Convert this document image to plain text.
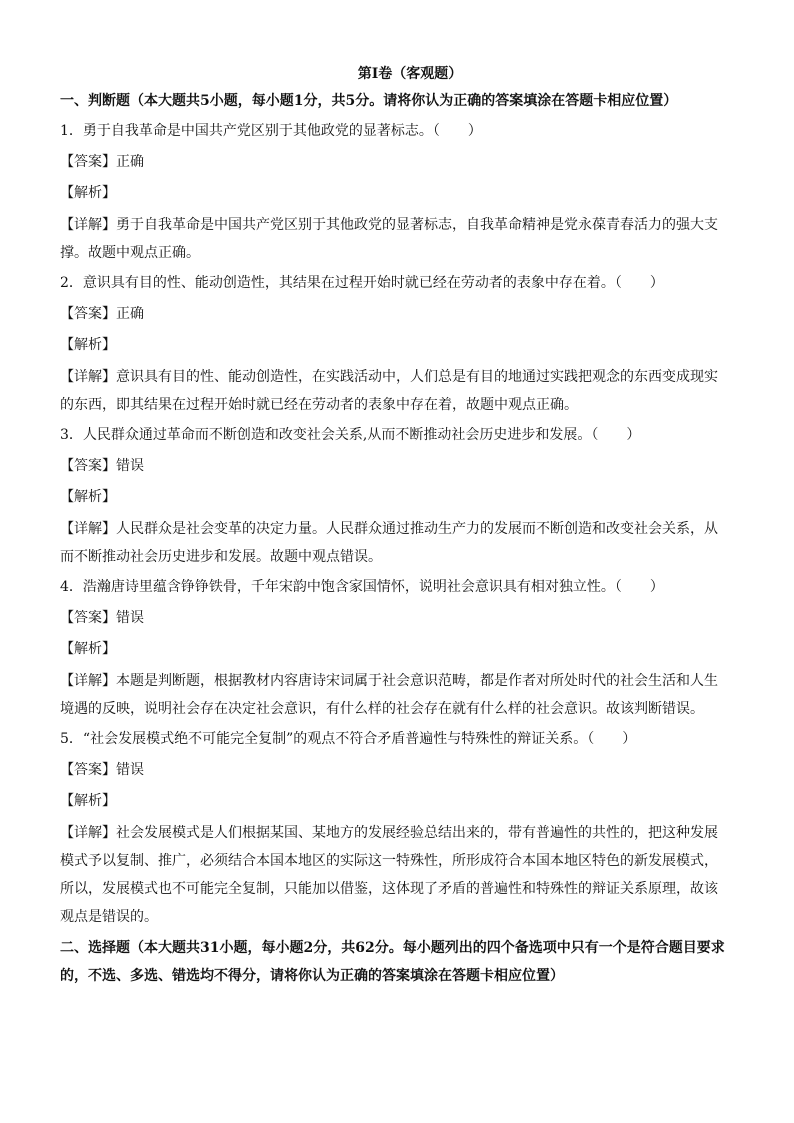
第Ⅰ卷（客观题）
一、判断题（本大题共5小题，每小题1分，共5分。请将你认为正确的答案填涂在答题卡相应位置）
1．勇于自我革命是中国共产党区别于其他政党的显著标志。（　　）
【答案】正确
【解析】
【详解】勇于自我革命是中国共产党区别于其他政党的显著标志，自我革命精神是党永葆青春活力的强大支撑。故题中观点正确。
2．意识具有目的性、能动创造性，其结果在过程开始时就已经在劳动者的表象中存在着。（　　）
【答案】正确
【解析】
【详解】意识具有目的性、能动创造性，在实践活动中，人们总是有目的地通过实践把观念的东西变成现实的东西，即其结果在过程开始时就已经在劳动者的表象中存在着，故题中观点正确。
3．人民群众通过革命而不断创造和改变社会关系,从而不断推动社会历史进步和发展。（　　）
【答案】错误
【解析】
【详解】人民群众是社会变革的决定力量。人民群众通过推动生产力的发展而不断创造和改变社会关系，从而不断推动社会历史进步和发展。故题中观点错误。
4．浩瀚唐诗里蕴含铮铮铁骨，千年宋韵中饱含家国情怀，说明社会意识具有相对独立性。（　　）
【答案】错误
【解析】
【详解】本题是判断题，根据教材内容唐诗宋词属于社会意识范畴，都是作者对所处时代的社会生活和人生境遇的反映，说明社会存在决定社会意识，有什么样的社会存在就有什么样的社会意识。故该判断错误。
5．“社会发展模式绝不可能完全复制”的观点不符合矛盾普遍性与特殊性的辩证关系。（　　）
【答案】错误
【解析】
【详解】社会发展模式是人们根据某国、某地方的发展经验总结出来的，带有普遍性的共性的，把这种发展模式予以复制、推广，必须结合本国本地区的实际这一特殊性，所形成符合本国本地区特色的新发展模式，所以，发展模式也不可能完全复制，只能加以借鉴，这体现了矛盾的普遍性和特殊性的辩证关系原理，故该观点是错误的。
二、选择题（本大题共31小题，每小题2分，共62分。每小题列出的四个备选项中只有一个是符合题目要求的，不选、多选、错选均不得分，请将你认为正确的答案填涂在答题卡相应位置）
